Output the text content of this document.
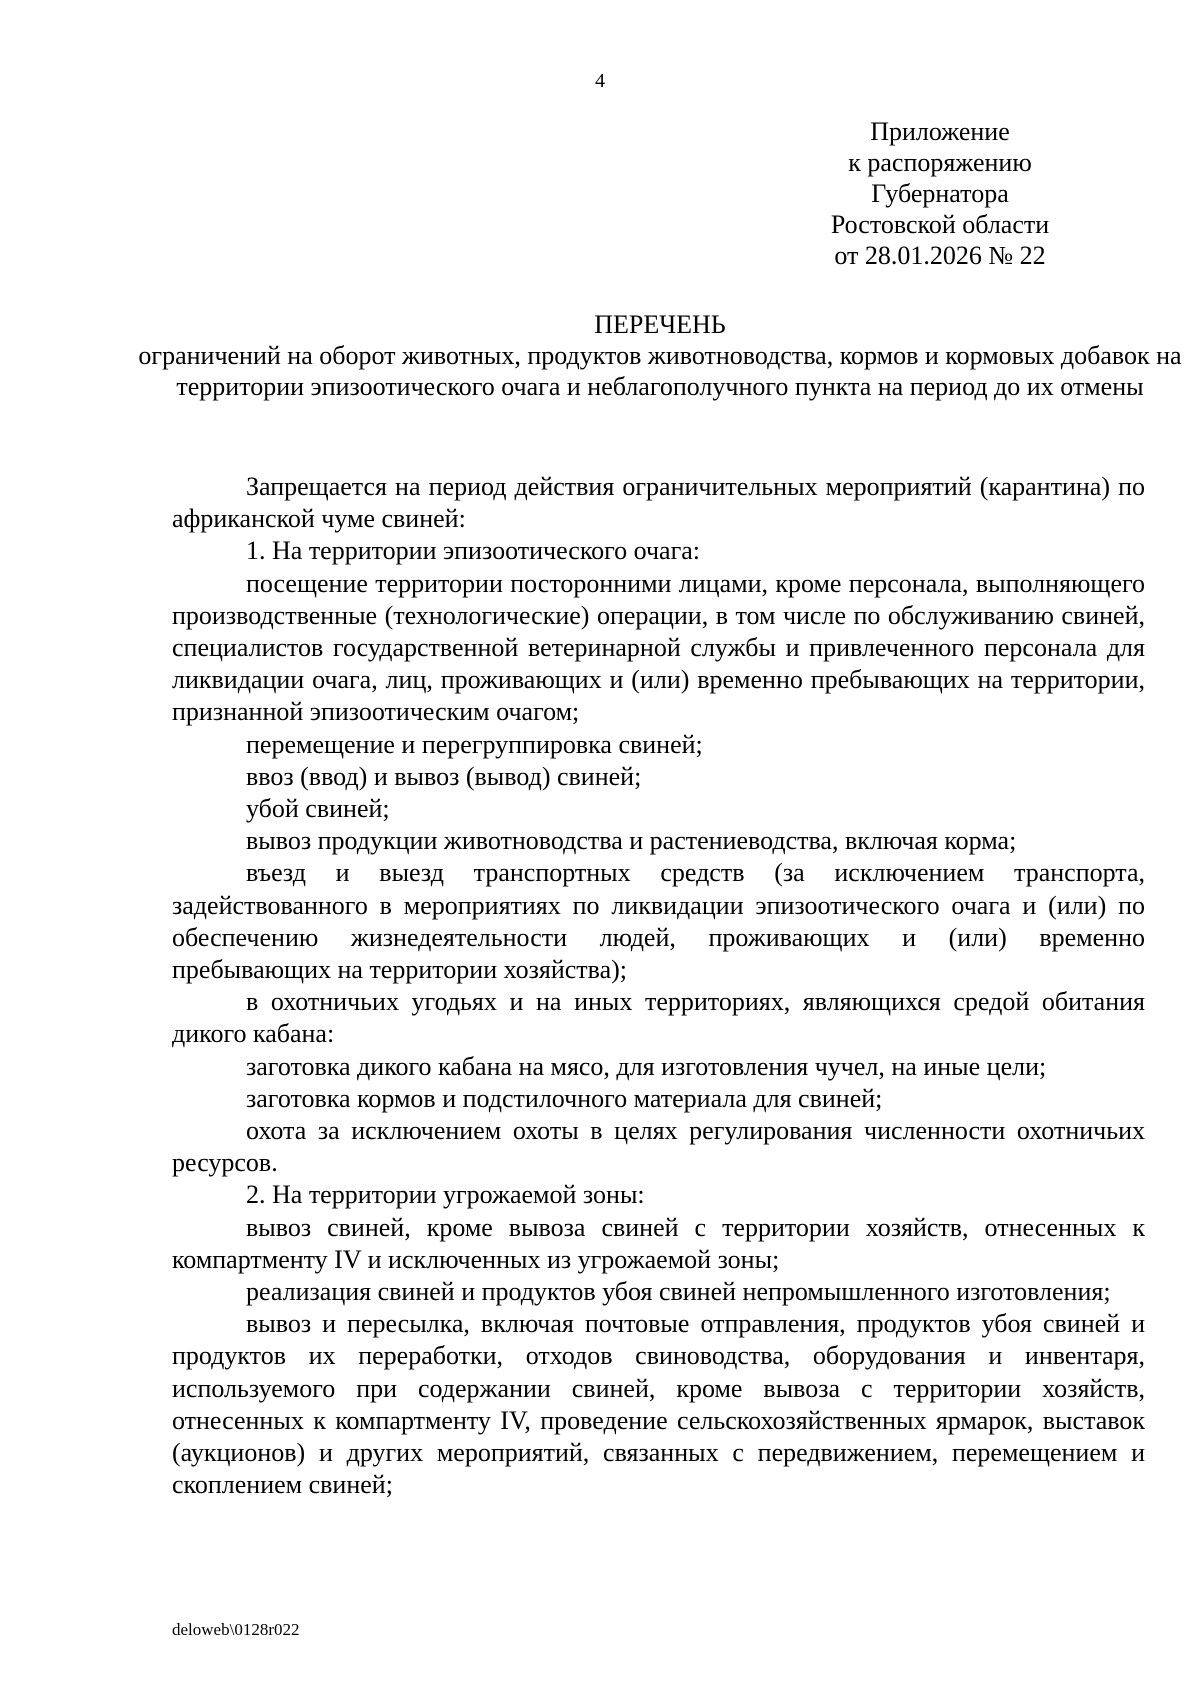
4
Приложение
к распоряжению
Губернатора
Ростовской области
от 28.01.2026 № 22

ПЕРЕЧЕНЬ

ограничений на оборот животных, продуктов животноводства, кормов и кормовых добавок на территории эпизоотического очага и неблагополучного пункта на период до их отмены

Запрещается на период действия ограничительных мероприятий (карантина) по африканской чуме свиней:

1. На территории эпизоотического очага:

посещение территории посторонними лицами, кроме персонала, выполняющего производственные (технологические) операции, в том числе по обслуживанию свиней, специалистов государственной ветеринарной службы и привлеченного персонала для ликвидации очага, лиц, проживающих и (или) временно пребывающих на территории, признанной эпизоотическим очагом;

перемещение и перегруппировка свиней;

ввоз (ввод) и вывоз (вывод) свиней;

убой свиней;

вывоз продукции животноводства и растениеводства, включая корма;

въезд и выезд транспортных средств (за исключением транспорта, задействованного в мероприятиях по ликвидации эпизоотического очага и (или) по обеспечению жизнедеятельности людей, проживающих и (или) временно пребывающих на территории хозяйства);

в охотничьих угодьях и на иных территориях, являющихся средой обитания дикого кабана:

заготовка дикого кабана на мясо, для изготовления чучел, на иные цели;

заготовка кормов и подстилочного материала для свиней;

охота за исключением охоты в целях регулирования численности охотничьих ресурсов.

2. На территории угрожаемой зоны:

вывоз свиней, кроме вывоза свиней с территории хозяйств, отнесенных к компартменту IV и исключенных из угрожаемой зоны;

реализация свиней и продуктов убоя свиней непромышленного изготовления;

вывоз и пересылка, включая почтовые отправления, продуктов убоя свиней и продуктов их переработки, отходов свиноводства, оборудования и инвентаря, используемого при содержании свиней, кроме вывоза с территории хозяйств, отнесенных к компартменту IV, проведение сельскохозяйственных ярмарок, выставок (аукционов) и других мероприятий, связанных с передвижением, перемещением и скоплением свиней;

deloweb\0128r022
